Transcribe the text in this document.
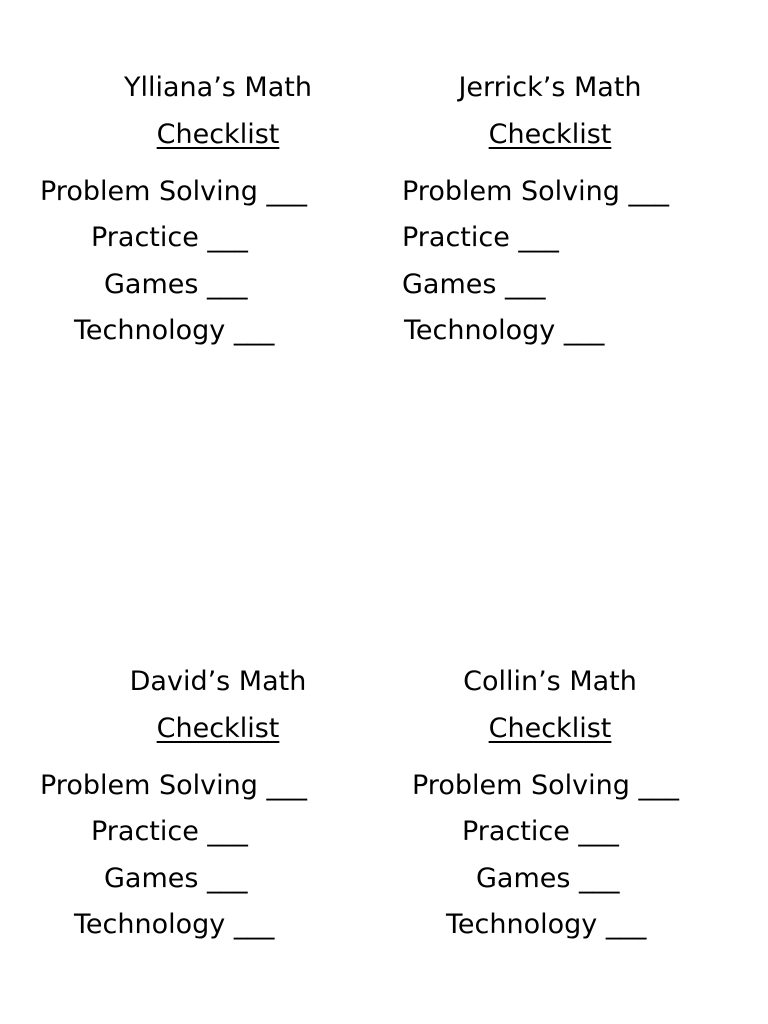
Ylliana’s Math
Checklist
Problem Solving ___
Practice ___
Games ___
Technology ___
Jerrick’s Math
Checklist
Problem Solving ___
Practice ___
Games ___
Technology ___
David’s Math
Checklist
Problem Solving ___
Practice ___
Games ___
Technology ___
Collin’s Math
Checklist
Problem Solving ___
Practice ___
Games ___
Technology ___
